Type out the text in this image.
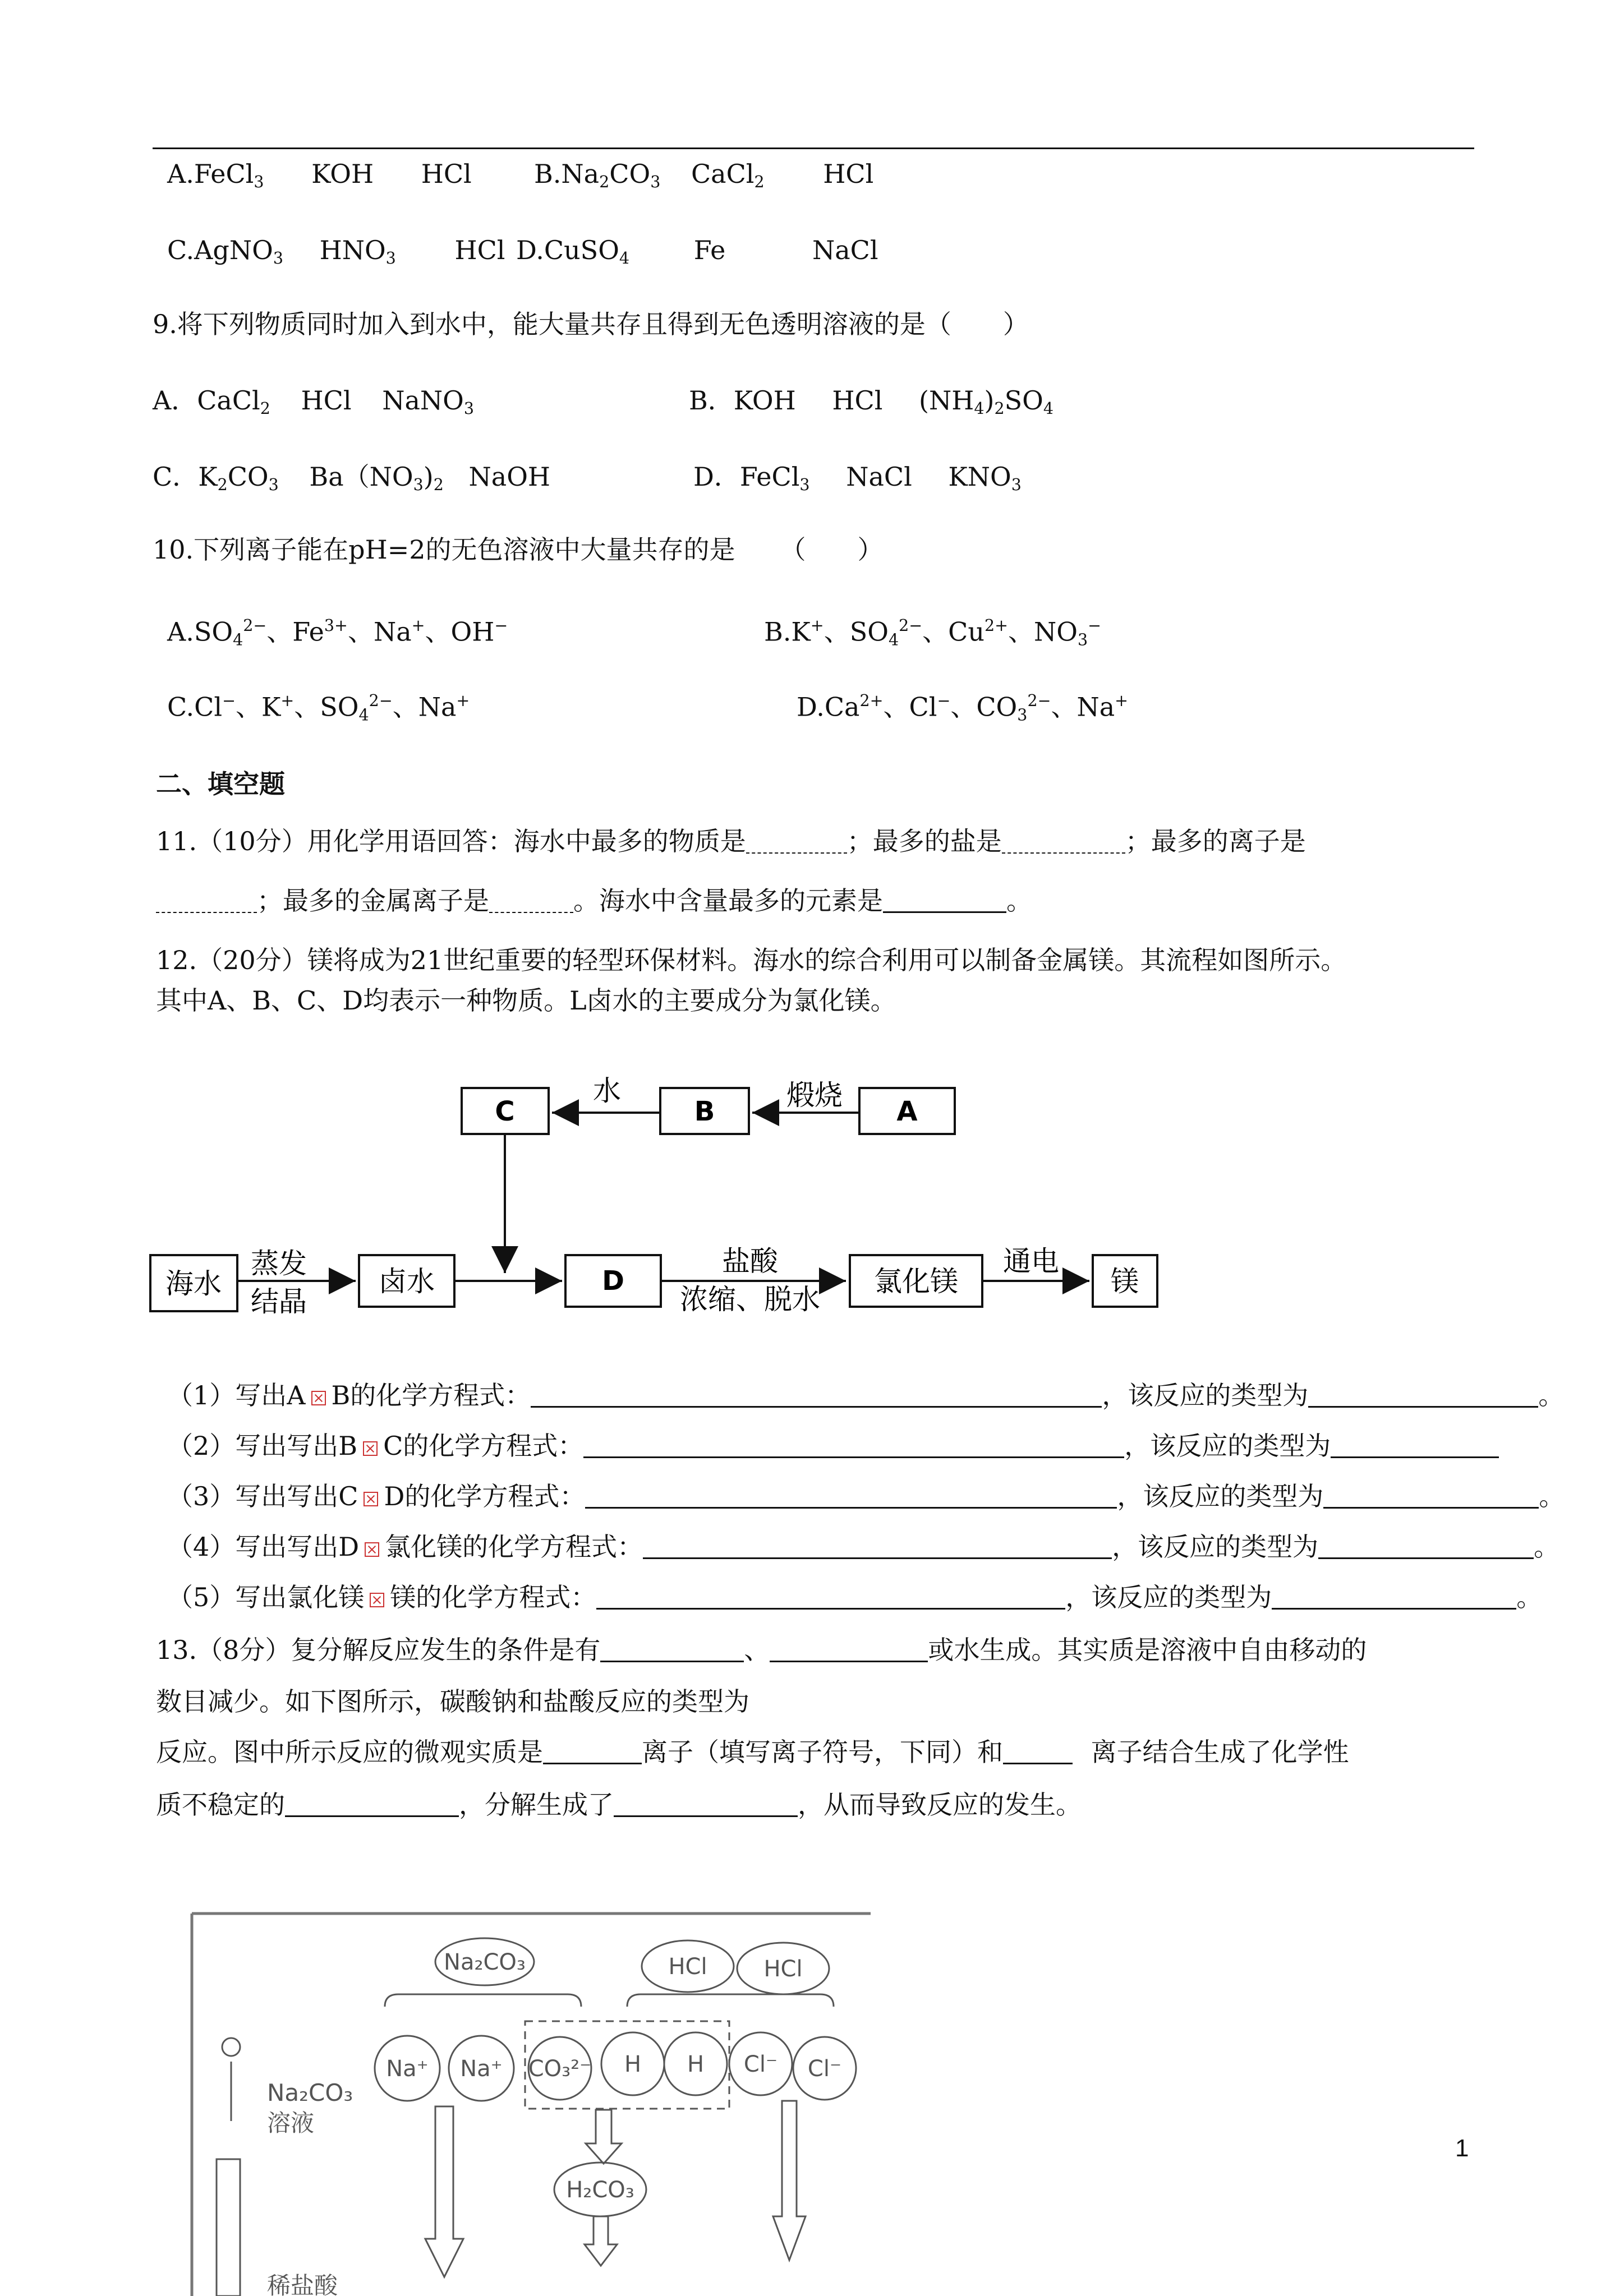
A.FeCl$_3$ KOH HCl $B.Na_2CO_3$ CaCl$_2$ HCl
C.AgNO$_3$ $HNO_3$ HCl D.CuSO$_4$ Fe	NaCl
9.将下列物质同时加入到水中，能大量共存且得到无色透明溶液的是（　　）
A．CaCl$_2$ HCl NaNO$_3$	B．KOH HCl $(NH_4)_2SO_4$
C．$K_2CO_3$ $Ba(NO_3)_2$ NaOH	D．FeCl$_3$ NaCl $KNO_3$
10.下列离子能在pH=2的无色溶液中大量共存的是 （　　）
$A.SO_4^{2-}$、$Fe^{3+}$、Na+、OH−	B.K+、$SO_4^{2-}$、$Cu^{2+}$、$NO_3^-$
C.Cl−、K+、$SO_4^{2-}$、Na+	$D.Ca^{2+}$、Cl−、$CO_3^{2-}$、Na+
二、填空题
11.（10分）用化学用语回答：海水中最多的物质是	；最多的盐是	；最多的离子是
；最多的金属离子是	。海水中含量最多的元素是	。
12.（20分）镁将成为21世纪重要的轻型环保材料。海水的综合利用可以制备金属镁。其流程如图所示。
其中A、B、C、D均表示一种物质。L卤水的主要成分为氯化镁。
C	B	A
水	煅烧
海水
蒸发
结晶
卤水	D
盐酸
浓缩、脱水
氯化镁
通电
镁
Na₂CO₃	HCl	HCl
Na⁺ Na⁺ CO₃²⁻ H H Cl⁻ Cl⁻
H₂CO₃
Na₂CO₃
溶液
稀盐酸
（1）写出A B的化学方程式：	，该反应的类型为	。
（2）写出写出B C的化学方程式：	，该反应的类型为
（3）写出写出C D的化学方程式：	，该反应的类型为	。
（4）写出写出D 氯化镁的化学方程式：	，该反应的类型为	。
（5）写出氯化镁 镁的化学方程式：	，该反应的类型为	。
13.（8分）复分解反应发生的条件是有	、	或水生成。其实质是溶液中自由移动的
数目减少。如下图所示，碳酸钠和盐酸反应的类型为
反应。图中所示反应的微观实质是	离子（填写离子符号，下同）和	离子结合生成了化学性
质不稳定的	，分解生成了	，从而导致反应的发生。
1
